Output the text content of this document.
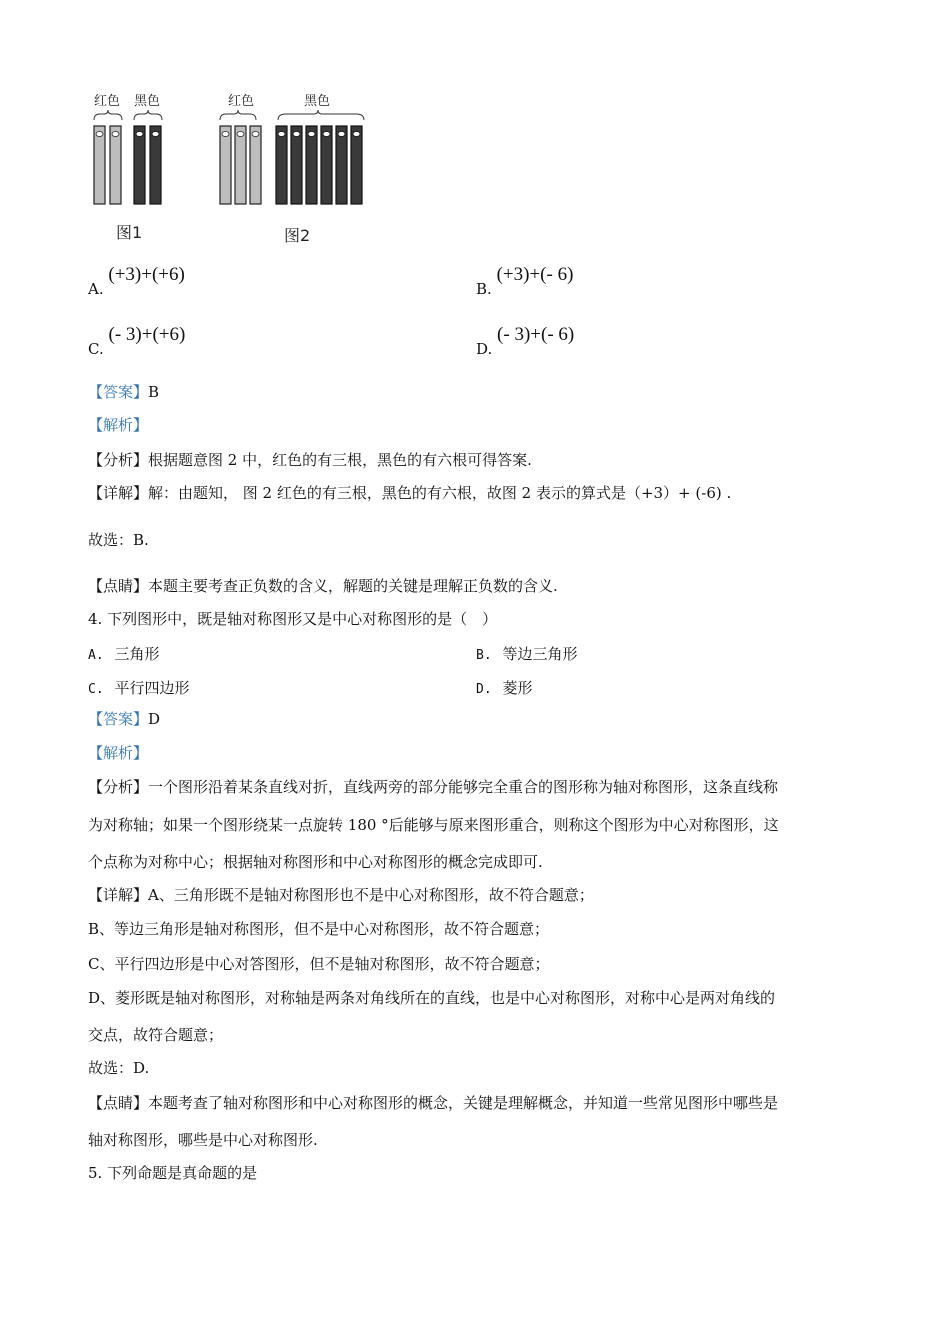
红色 黑色
图1
红色	黑色
图2
A. (+3)+(+6)
B. (+3)+(- 6)
C. (- 3)+(+6)
D. (- 3)+(- 6)
【答案】B
【解析】
【分析】根据题意图 2 中，红色的有三根，黑色的有六根可得答案.
【详解】解：由题知， 图 2 红色的有三根，黑色的有六根，故图 2 表示的算式是（+3）+ (-6) .
故选：B.
【点睛】本题主要考查正负数的含义，解题的关键是理解正负数的含义.
4. 下列图形中，既是轴对称图形又是中心对称图形的是（　）
A. 三角形	B. 等边三角形
C. 平行四边形	D. 菱形
【答案】D
【解析】
【分析】一个图形沿着某条直线对折，直线两旁的部分能够完全重合的图形称为轴对称图形，这条直线称
为对称轴；如果一个图形绕某一点旋转 180 °后能够与原来图形重合，则称这个图形为中心对称图形，这
个点称为对称中心；根据轴对称图形和中心对称图形的概念完成即可.
【详解】A、三角形既不是轴对称图形也不是中心对称图形，故不符合题意；
B、等边三角形是轴对称图形，但不是中心对称图形，故不符合题意；
C、平行四边形是中心对答图形，但不是轴对称图形，故不符合题意；
D、菱形既是轴对称图形，对称轴是两条对角线所在的直线，也是中心对称图形，对称中心是两对角线的
交点，故符合题意；
故选：D.
【点睛】本题考查了轴对称图形和中心对称图形的概念，关键是理解概念，并知道一些常见图形中哪些是
轴对称图形，哪些是中心对称图形.
5. 下列命题是真命题的是
